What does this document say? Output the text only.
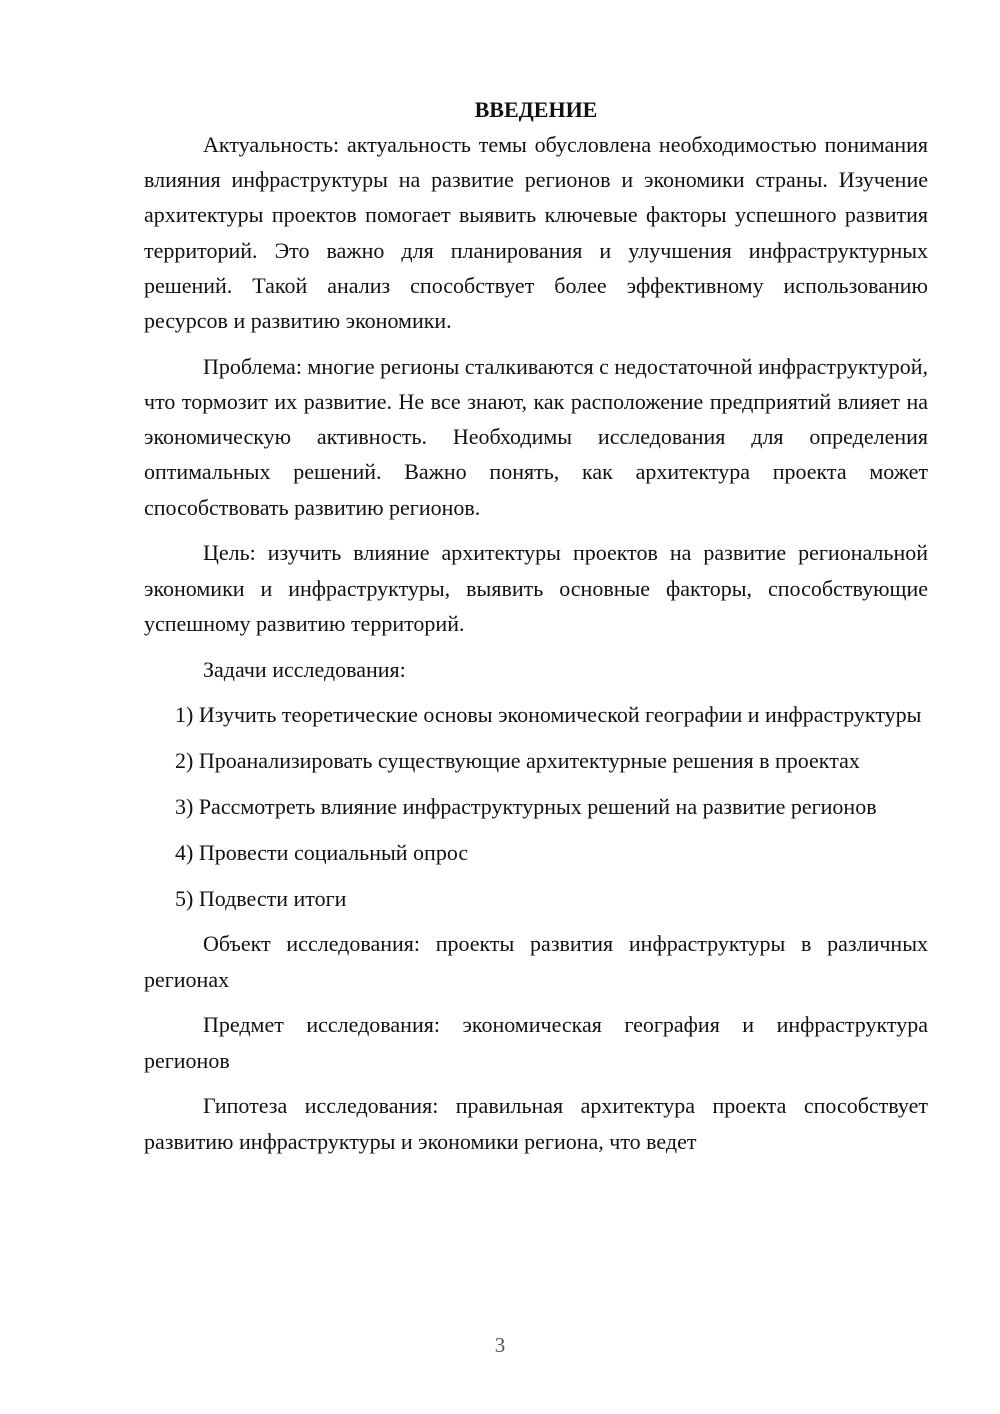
ВВЕДЕНИЕ

Актуальность: актуальность темы обусловлена необходимостью понимания влияния инфраструктуры на развитие регионов и экономики страны. Изучение архитектуры проектов помогает выявить ключевые факторы успешного развития территорий. Это важно для планирования и улучшения инфраструктурных решений. Такой анализ способствует более эффективному использованию ресурсов и развитию экономики.

Проблема: многие регионы сталкиваются с недостаточной инфраструктурой, что тормозит их развитие. Не все знают, как расположение предприятий влияет на экономическую активность. Необходимы исследования для определения оптимальных решений. Важно понять, как архитектура проекта может способствовать развитию регионов.

Цель: изучить влияние архитектуры проектов на развитие региональной экономики и инфраструктуры, выявить основные факторы, способствующие успешному развитию территорий.

Задачи исследования:

1) Изучить теоретические основы экономической географии и инфраструктуры

2) Проанализировать существующие архитектурные решения в проектах

3) Рассмотреть влияние инфраструктурных решений на развитие регионов

4) Провести социальный опрос

5) Подвести итоги

Объект исследования: проекты развития инфраструктуры в различных регионах

Предмет исследования: экономическая география и инфраструктура регионов

Гипотеза исследования: правильная архитектура проекта способствует развитию инфраструктуры и экономики региона, что ведет

3
